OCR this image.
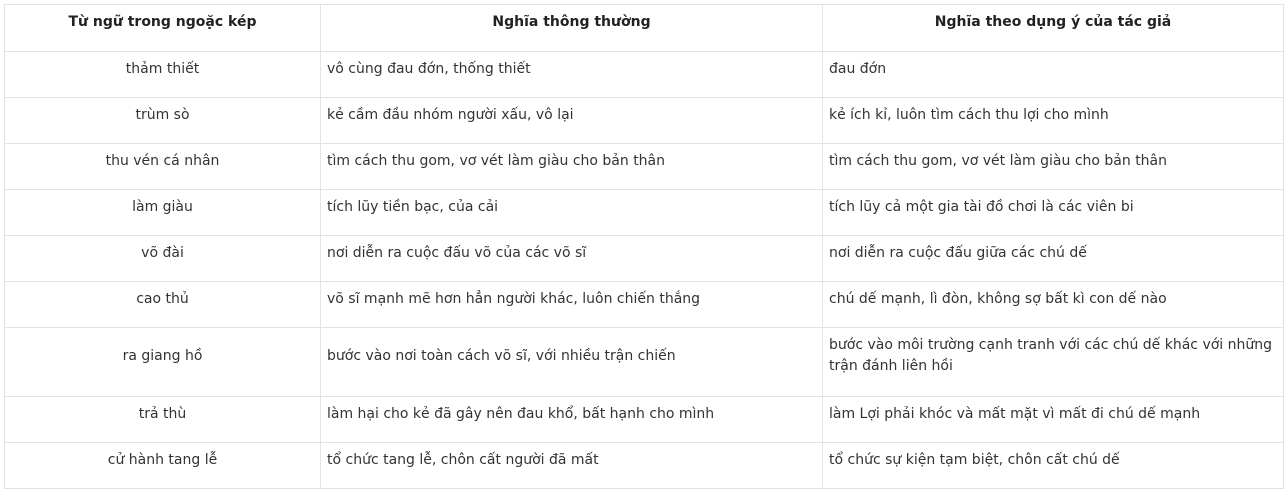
Từ ngữ trong ngoặc kép	Nghĩa thông thường	Nghĩa theo dụng ý của tác giả
thảm thiết	vô cùng đau đớn, thống thiết	đau đớn
trùm sò	kẻ cầm đầu nhóm người xấu, vô lại	kẻ ích kỉ, luôn tìm cách thu lợi cho mình
thu vén cá nhân	tìm cách thu gom, vơ vét làm giàu cho bản thân	tìm cách thu gom, vơ vét làm giàu cho bản thân
làm giàu	tích lũy tiền bạc, của cải	tích lũy cả một gia tài đồ chơi là các viên bi
võ đài	nơi diễn ra cuộc đấu võ của các võ sĩ	nơi diễn ra cuộc đấu giữa các chú dế
cao thủ	võ sĩ mạnh mẽ hơn hẳn người khác, luôn chiến thắng	chú dế mạnh, lì đòn, không sợ bất kì con dế nào
ra giang hồ	bước vào nơi toàn cách võ sĩ, với nhiều trận chiến	bước vào môi trường cạnh tranh với các chú dế khác với những trận đánh liên hồi
trả thù	làm hại cho kẻ đã gây nên đau khổ, bất hạnh cho mình	làm Lợi phải khóc và mất mặt vì mất đi chú dế mạnh
cử hành tang lễ	tổ chức tang lễ, chôn cất người đã mất	tổ chức sự kiện tạm biệt, chôn cất chú dế
